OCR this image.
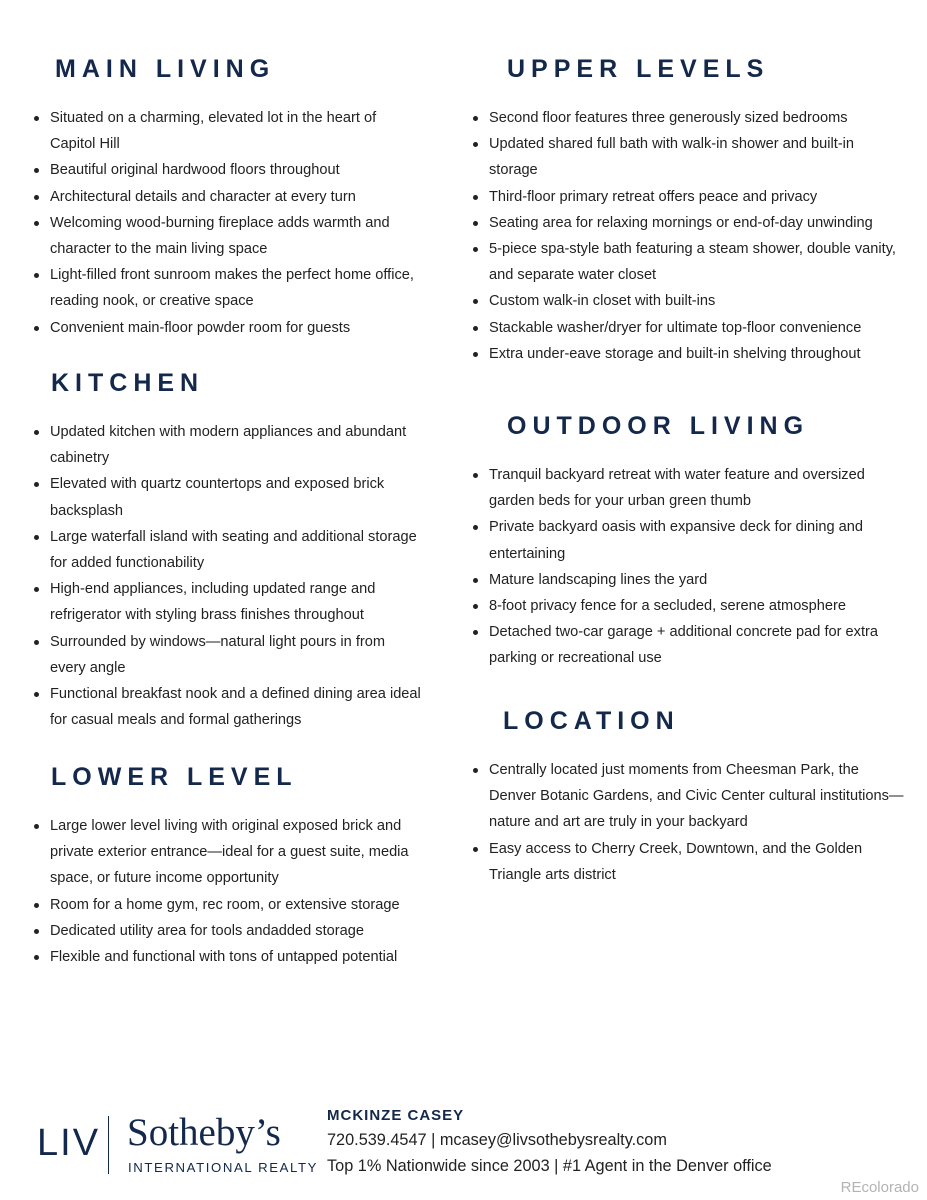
MAIN LIVING
Situated on a charming, elevated lot in the heart of Capitol Hill
Beautiful original hardwood floors throughout
Architectural details and character at every turn
Welcoming wood-burning fireplace adds warmth and character to the main living space
Light-filled front sunroom makes the perfect home office, reading nook, or creative space
Convenient main-floor powder room for guests
KITCHEN
Updated kitchen with modern appliances and abundant cabinetry
Elevated with quartz countertops and exposed brick backsplash
Large waterfall island with seating and additional storage for added functionability
High-end appliances, including updated range and refrigerator with styling brass finishes throughout
Surrounded by windows—natural light pours in from every angle
Functional breakfast nook and a defined dining area ideal for casual meals and formal gatherings
LOWER LEVEL
Large lower level living with original exposed brick and private exterior entrance—ideal for a guest suite, media space, or future income opportunity
Room for a home gym, rec room, or extensive storage
Dedicated utility area for tools andadded storage
Flexible and functional with tons of untapped potential
UPPER LEVELS
Second floor features three generously sized bedrooms
Updated shared full bath with walk-in shower and built-in storage
Third-floor primary retreat offers peace and privacy
Seating area for relaxing mornings or end-of-day unwinding
5-piece spa-style bath featuring a steam shower, double vanity, and separate water closet
Custom walk-in closet with built-ins
Stackable washer/dryer for ultimate top-floor convenience
Extra under-eave storage and built-in shelving throughout
OUTDOOR LIVING
Tranquil backyard retreat with water feature and oversized garden beds for your urban green thumb
Private backyard oasis with expansive deck for dining and entertaining
Mature landscaping lines the yard
8-foot privacy fence for a secluded, serene atmosphere
Detached two-car garage + additional concrete pad for extra parking or recreational use
LOCATION
Centrally located just moments from Cheesman Park, the Denver Botanic Gardens, and Civic Center cultural institutions—nature and art are truly in your backyard
Easy access to Cherry Creek, Downtown, and the Golden Triangle arts district
LIV Sotheby’s
INTERNATIONAL REALTY
MCKINZE CASEY
720.539.4547 | mcasey@livsothebysrealty.com
Top 1% Nationwide since 2003 | #1 Agent in the Denver office
REcolorado
